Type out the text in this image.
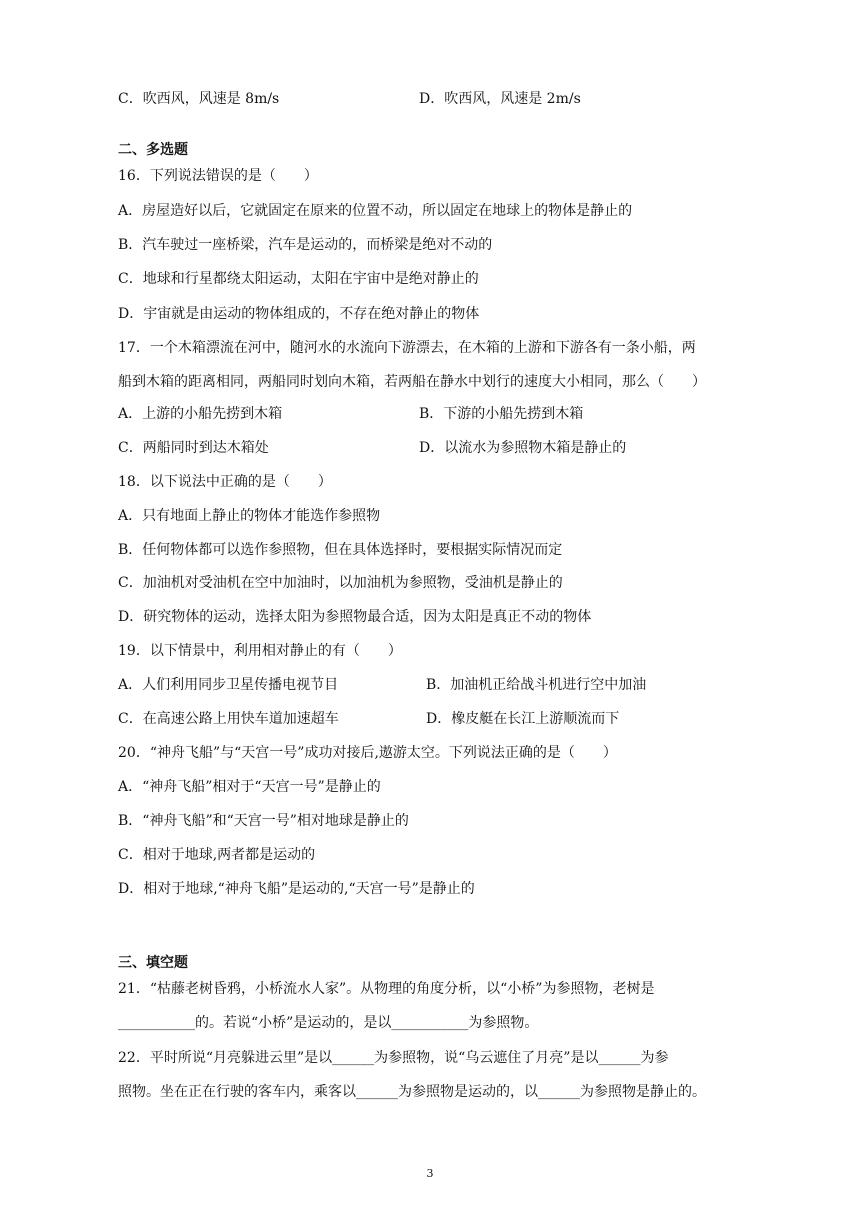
C．吹西风，风速是 8m/s	D．吹西风，风速是 2m/s
二、多选题
16．下列说法错误的是（　　）
A．房屋造好以后，它就固定在原来的位置不动，所以固定在地球上的物体是静止的
B．汽车驶过一座桥梁，汽车是运动的，而桥梁是绝对不动的
C．地球和行星都绕太阳运动，太阳在宇宙中是绝对静止的
D．宇宙就是由运动的物体组成的，不存在绝对静止的物体
17．一个木箱漂流在河中，随河水的水流向下游漂去，在木箱的上游和下游各有一条小船，两
船到木箱的距离相同，两船同时划向木箱，若两船在静水中划行的速度大小相同，那么（　　）
A．上游的小船先捞到木箱	B．下游的小船先捞到木箱
C．两船同时到达木箱处	D．以流水为参照物木箱是静止的
18．以下说法中正确的是（　　）
A．只有地面上静止的物体才能选作参照物
B．任何物体都可以选作参照物，但在具体选择时，要根据实际情况而定
C．加油机对受油机在空中加油时，以加油机为参照物，受油机是静止的
D．研究物体的运动，选择太阳为参照物最合适，因为太阳是真正不动的物体
19．以下情景中，利用相对静止的有（　　）
A．人们利用同步卫星传播电视节目	B．加油机正给战斗机进行空中加油
C．在高速公路上用快车道加速超车	D．橡皮艇在长江上游顺流而下
20．“神舟飞船”与“天宫一号”成功对接后,遨游太空。下列说法正确的是（　　）
A．“神舟飞船”相对于“天宫一号”是静止的
B．“神舟飞船”和“天宫一号”相对地球是静止的
C．相对于地球,两者都是运动的
D．相对于地球,“神舟飞船”是运动的,“天宫一号”是静止的
三、填空题
21．“枯藤老树昏鸦，小桥流水人家”。从物理的角度分析，以“小桥”为参照物，老树是
___________的。若说“小桥”是运动的，是以___________为参照物。
22．平时所说“月亮躲进云里”是以______为参照物，说“乌云遮住了月亮”是以______为参
照物。坐在正在行驶的客车内，乘客以______为参照物是运动的，以______为参照物是静止的。
3
